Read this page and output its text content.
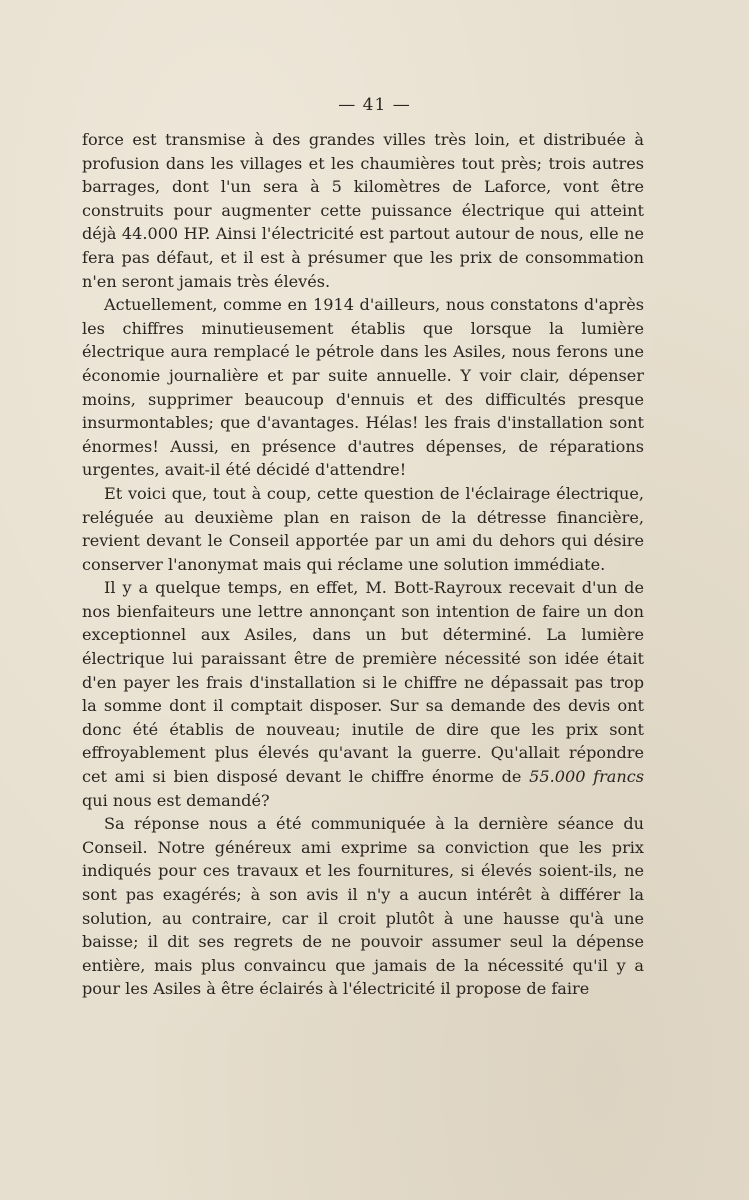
— 41 —

force est transmise à des grandes villes très loin, et distribuée à profusion dans les villages et les chaumières tout près; trois autres barrages, dont l'un sera à 5 kilomètres de Laforce, vont être construits pour augmenter cette puissance électrique qui atteint déjà 44.000 HP. Ainsi l'électricité est partout autour de nous, elle ne fera pas défaut, et il est à présumer que les prix de consommation n'en seront jamais très élevés.

Actuellement, comme en 1914 d'ailleurs, nous constatons d'après les chiffres minutieusement établis que lorsque la lumière électrique aura remplacé le pétrole dans les Asiles, nous ferons une économie journalière et par suite annuelle. Y voir clair, dépenser moins, supprimer beaucoup d'ennuis et des difficultés presque insurmontables; que d'avantages. Hélas! les frais d'installation sont énormes! Aussi, en présence d'autres dépenses, de réparations urgentes, avait-il été décidé d'attendre!

Et voici que, tout à coup, cette question de l'éclairage électrique, reléguée au deuxième plan en raison de la détresse financière, revient devant le Conseil apportée par un ami du dehors qui désire conserver l'anonymat mais qui réclame une solution immédiate.

Il y a quelque temps, en effet, M. Bott-Rayroux recevait d'un de nos bienfaiteurs une lettre annonçant son intention de faire un don exceptionnel aux Asiles, dans un but déterminé. La lumière électrique lui paraissant être de première nécessité son idée était d'en payer les frais d'installation si le chiffre ne dépassait pas trop la somme dont il comptait disposer. Sur sa demande des devis ont donc été établis de nouveau; inutile de dire que les prix sont effroyablement plus élevés qu'avant la guerre. Qu'allait répondre cet ami si bien disposé devant le chiffre énorme de 55.000 francs qui nous est demandé?

Sa réponse nous a été communiquée à la dernière séance du Conseil. Notre généreux ami exprime sa conviction que les prix indiqués pour ces travaux et les fournitures, si élevés soient-ils, ne sont pas exagérés; à son avis il n'y a aucun intérêt à différer la solution, au contraire, car il croit plutôt à une hausse qu'à une baisse; il dit ses regrets de ne pouvoir assumer seul la dépense entière, mais plus convaincu que jamais de la nécessité qu'il y a pour les Asiles à être éclairés à l'électricité il propose de faire
